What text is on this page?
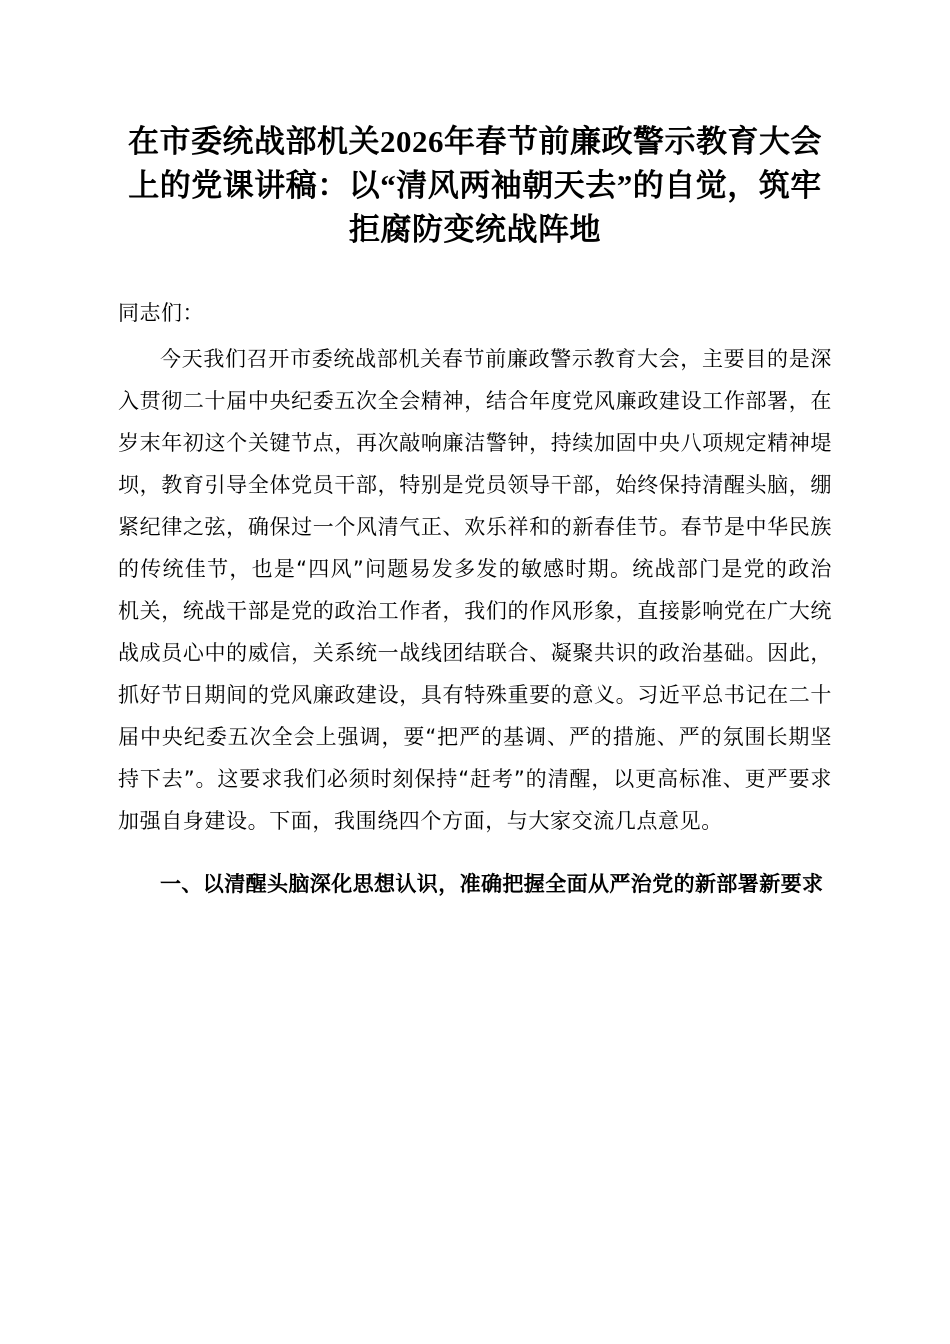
在市委统战部机关2026年春节前廉政警示教育大会上的党课讲稿：以“清风两袖朝天去”的自觉，筑牢拒腐防变统战阵地

同志们：

今天我们召开市委统战部机关春节前廉政警示教育大会，主要目的是深入贯彻二十届中央纪委五次全会精神，结合年度党风廉政建设工作部署，在岁末年初这个关键节点，再次敲响廉洁警钟，持续加固中央八项规定精神堤坝，教育引导全体党员干部，特别是党员领导干部，始终保持清醒头脑，绷紧纪律之弦，确保过一个风清气正、欢乐祥和的新春佳节。春节是中华民族的传统佳节，也是“四风”问题易发多发的敏感时期。统战部门是党的政治机关，统战干部是党的政治工作者，我们的作风形象，直接影响党在广大统战成员心中的威信，关系统一战线团结联合、凝聚共识的政治基础。因此，抓好节日期间的党风廉政建设，具有特殊重要的意义。习近平总书记在二十届中央纪委五次全会上强调，要“把严的基调、严的措施、严的氛围长期坚持下去”。这要求我们必须时刻保持“赶考”的清醒，以更高标准、更严要求加强自身建设。下面，我围绕四个方面，与大家交流几点意见。

一、以清醒头脑深化思想认识，准确把握全面从严治党的新部署新要求
